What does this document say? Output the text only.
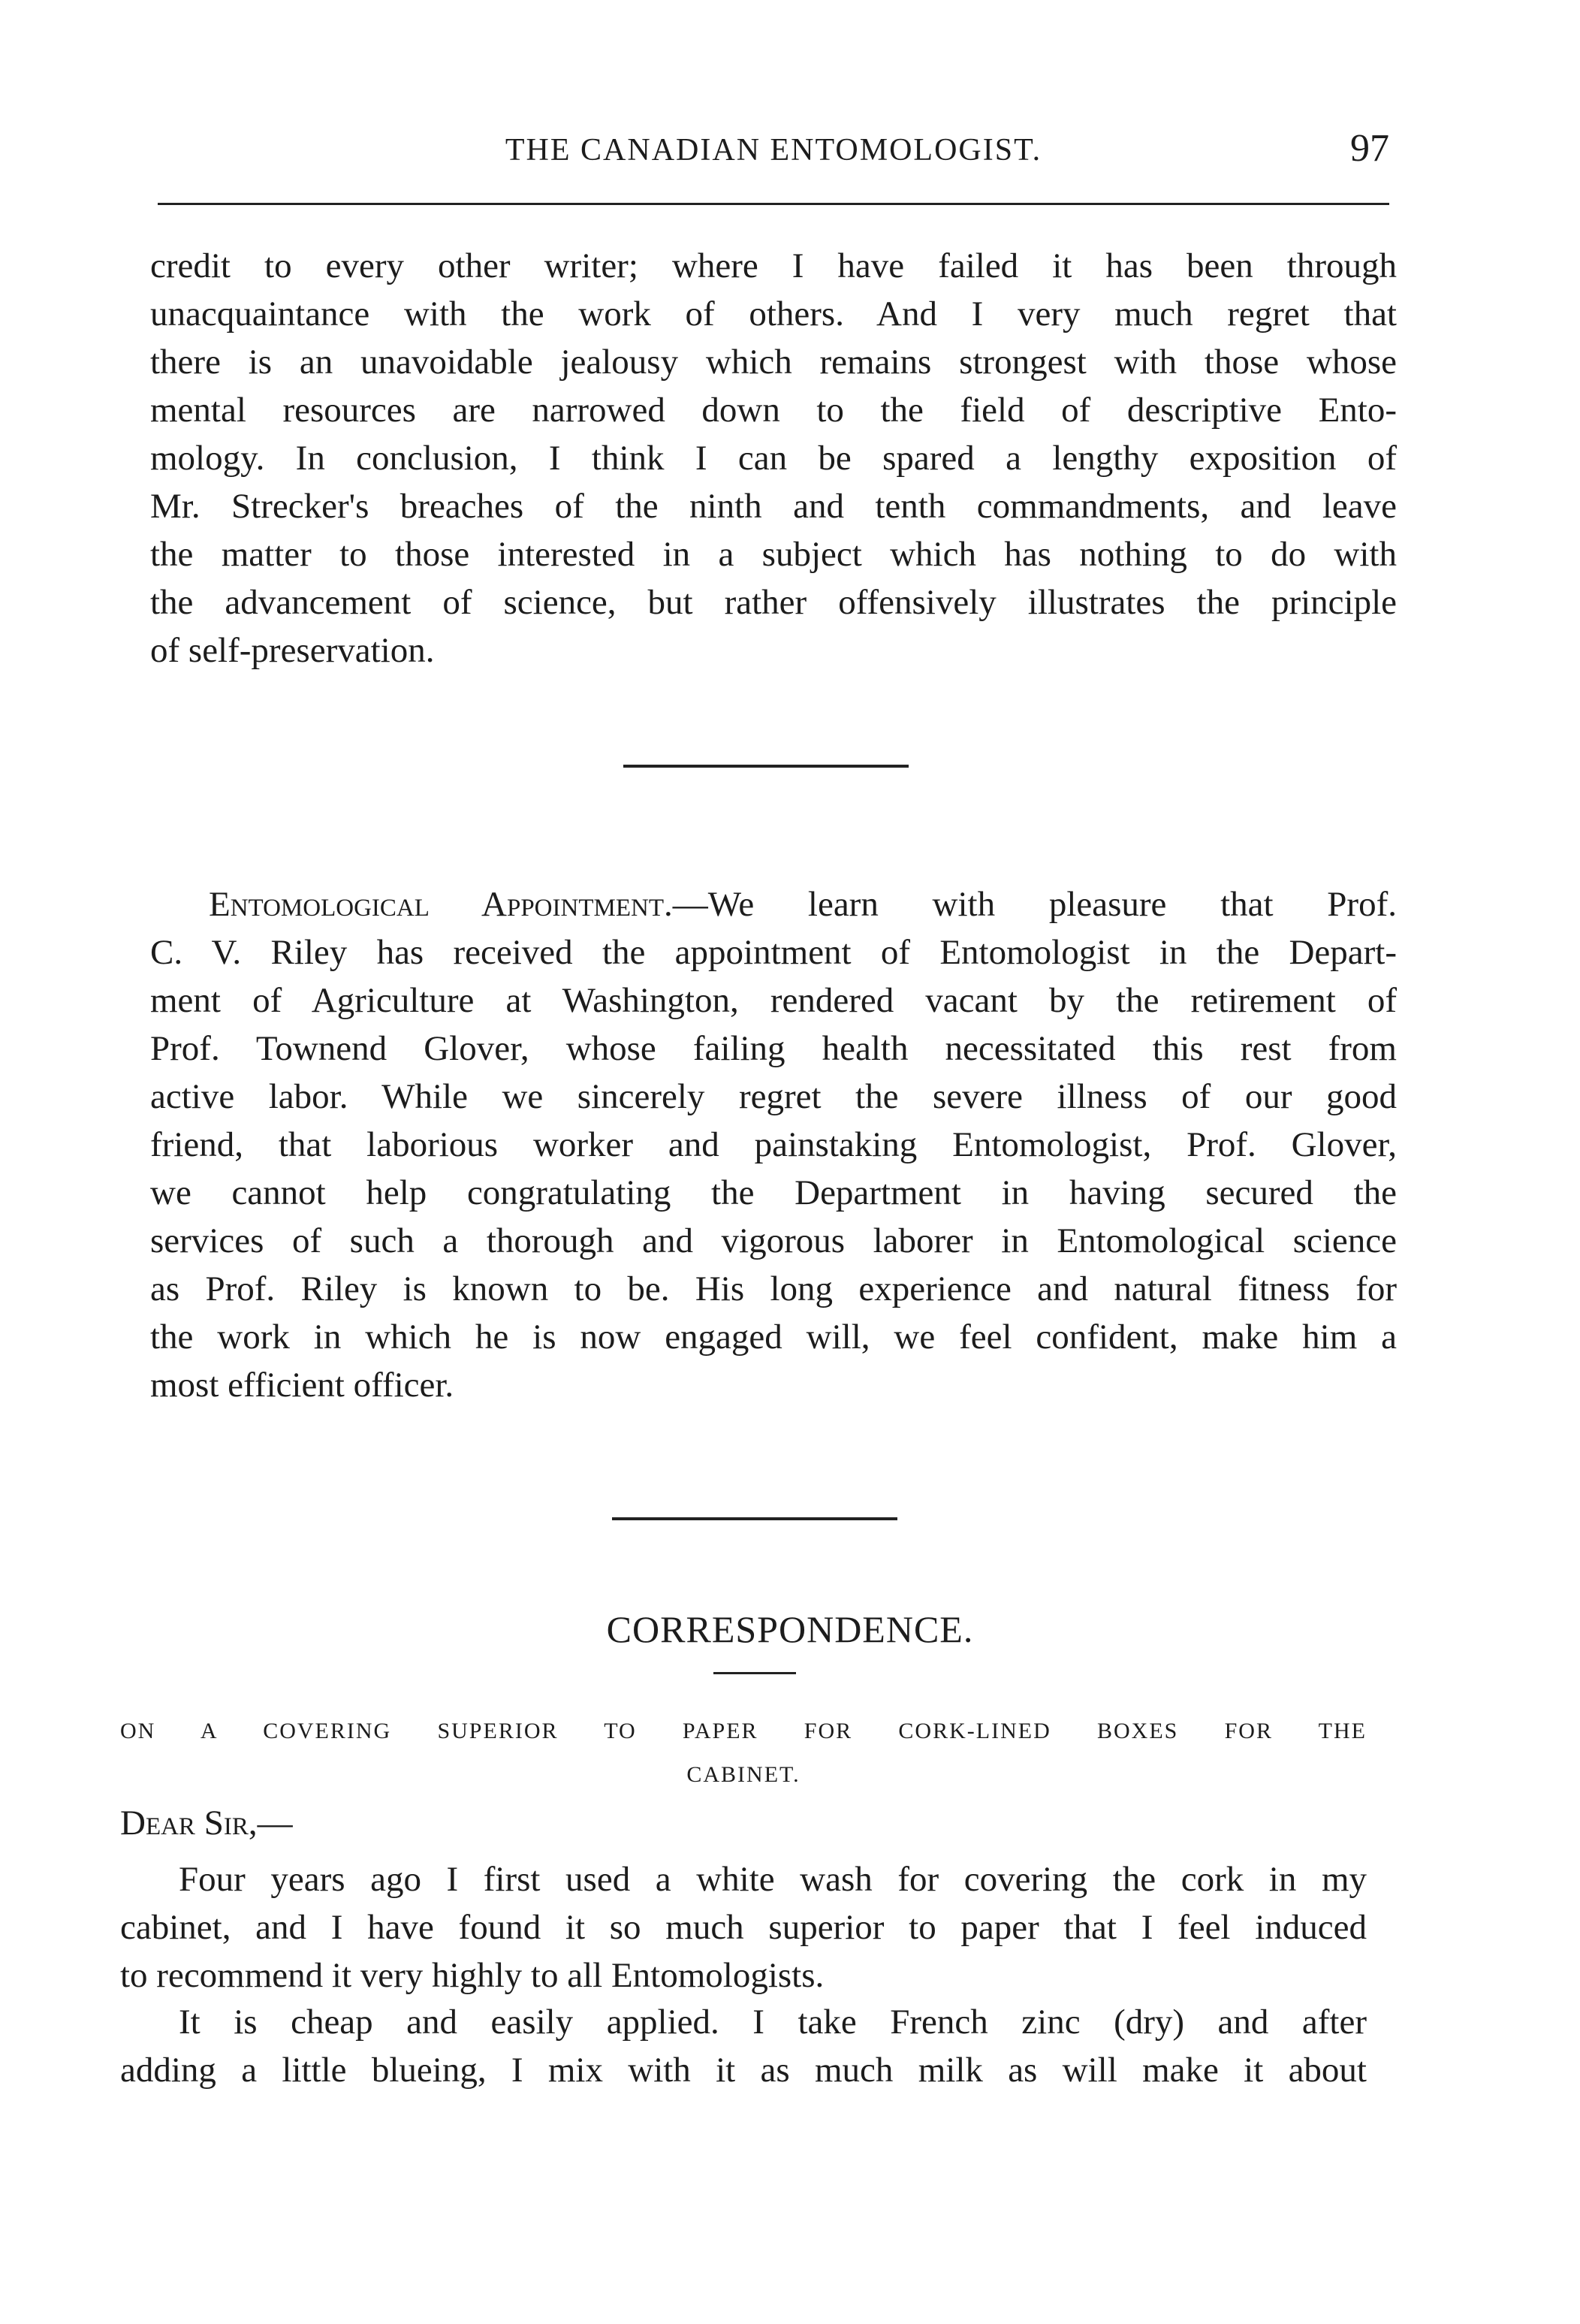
THE CANADIAN ENTOMOLOGIST.	97
credit to every other writer; where I have failed it has been through
unacquaintance with the work of others. And I very much regret that
there is an unavoidable jealousy which remains strongest with those whose
mental resources are narrowed down to the field of descriptive Ento-
mology. In conclusion, I think I can be spared a lengthy exposition of
Mr. Strecker's breaches of the ninth and tenth commandments, and leave
the matter to those interested in a subject which has nothing to do with
the advancement of science, but rather offensively illustrates the principle
of self-preservation.
Entomological Appointment.—We learn with pleasure that Prof.
C. V. Riley has received the appointment of Entomologist in the Depart-
ment of Agriculture at Washington, rendered vacant by the retirement of
Prof. Townend Glover, whose failing health necessitated this rest from
active labor. While we sincerely regret the severe illness of our good
friend, that laborious worker and painstaking Entomologist, Prof. Glover,
we cannot help congratulating the Department in having secured the
services of such a thorough and vigorous laborer in Entomological science
as Prof. Riley is known to be. His long experience and natural fitness for
the work in which he is now engaged will, we feel confident, make him a
most efficient officer.
CORRESPONDENCE.
ON A COVERING SUPERIOR TO PAPER FOR CORK-LINED BOXES FOR THE
CABINET.
Dear Sir,—
Four years ago I first used a white wash for covering the cork in my
cabinet, and I have found it so much superior to paper that I feel induced
to recommend it very highly to all Entomologists.
It is cheap and easily applied. I take French zinc (dry) and after
adding a little blueing, I mix with it as much milk as will make it about
